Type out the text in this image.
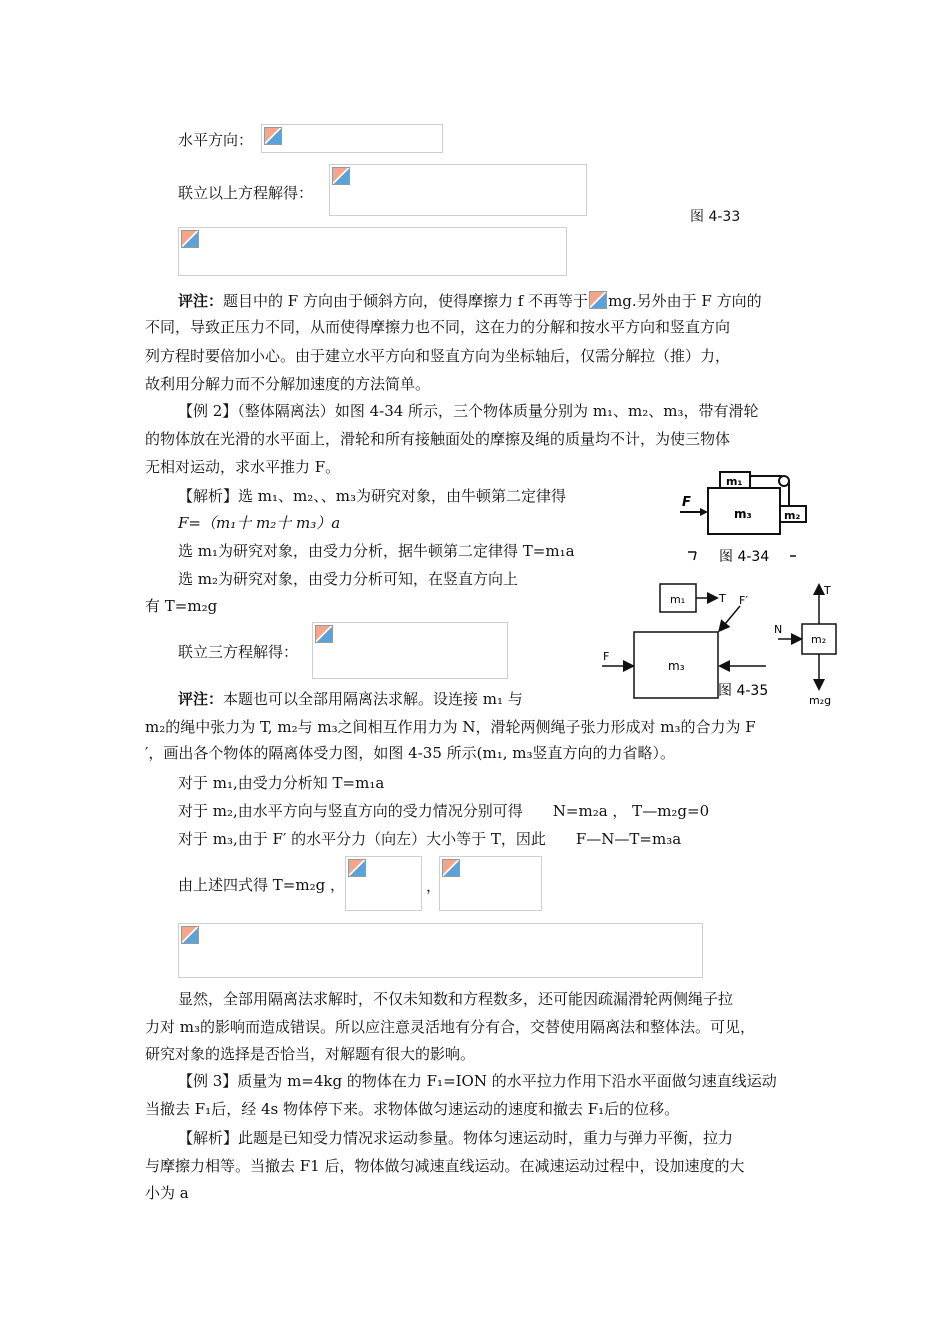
水平方向：
联立以上方程解得：
图 4-33
评注：题目中的 F 方向由于倾斜方向，使得摩擦力 f 不再等于 mg.另外由于 F 方向的
不同，导致正压力不同，从而使得摩擦力也不同，这在力的分解和按水平方向和竖直方向
列方程时要倍加小心。由于建立水平方向和竖直方向为坐标轴后，仅需分解拉（推）力，
故利用分解力而不分解加速度的方法简单。
【例 2】（整体隔离法）如图 4-34 所示，三个物体质量分别为 m₁、m₂、m₃，带有滑轮
的物体放在光滑的水平面上，滑轮和所有接触面处的摩擦及绳的质量均不计，为使三物体
无相对运动，求水平推力 F。
【解析】选 m₁、m₂、、m₃为研究对象，由牛顿第二定律得
F=（m₁十 m₂十 m₃）a
选 m₁为研究对象，由受力分析，据牛顿第二定律得 T=m₁a
选 m₂为研究对象，由受力分析可知，在竖直方向上
有 T=m₂g
联立三方程解得：
F
m₁
m₃	m₂
图 4-34
m₁	T
m₃
F′
F
图 4-35
m₂
T
N
m₂g
评注：本题也可以全部用隔离法求解。设连接 m₁ 与
m₂的绳中张力为 T, m₂与 m₃之间相互作用力为 N，滑轮两侧绳子张力形成对 m₃的合力为 F
′，画出各个物体的隔离体受力图，如图 4-35 所示(m₁, m₃竖直方向的力省略）。
对于 m₁,由受力分析知 T=m₁a
对于 m₂,由水平方向与竖直方向的受力情况分别可得　　N=m₂a ， T—m₂g=0
对于 m₃,由于 F′ 的水平分力（向左）大小等于 T，因此　　F—N—T=m₃a
由上述四式得 T=m₂g ，	，
显然，全部用隔离法求解时，不仅未知数和方程数多，还可能因疏漏滑轮两侧绳子拉
力对 m₃的影响而造成错误。所以应注意灵活地有分有合，交替使用隔离法和整体法。可见，
研究对象的选择是否恰当，对解题有很大的影响。
【例 3】质量为 m=4kg 的物体在力 F₁=ION 的水平拉力作用下沿水平面做匀速直线运动
当撤去 F₁后，经 4s 物体停下来。求物体做匀速运动的速度和撤去 F₁后的位移。
【解析】此题是已知受力情况求运动参量。物体匀速运动时，重力与弹力平衡，拉力
与摩擦力相等。当撤去 F1 后，物体做匀减速直线运动。在减速运动过程中，设加速度的大
小为 a
